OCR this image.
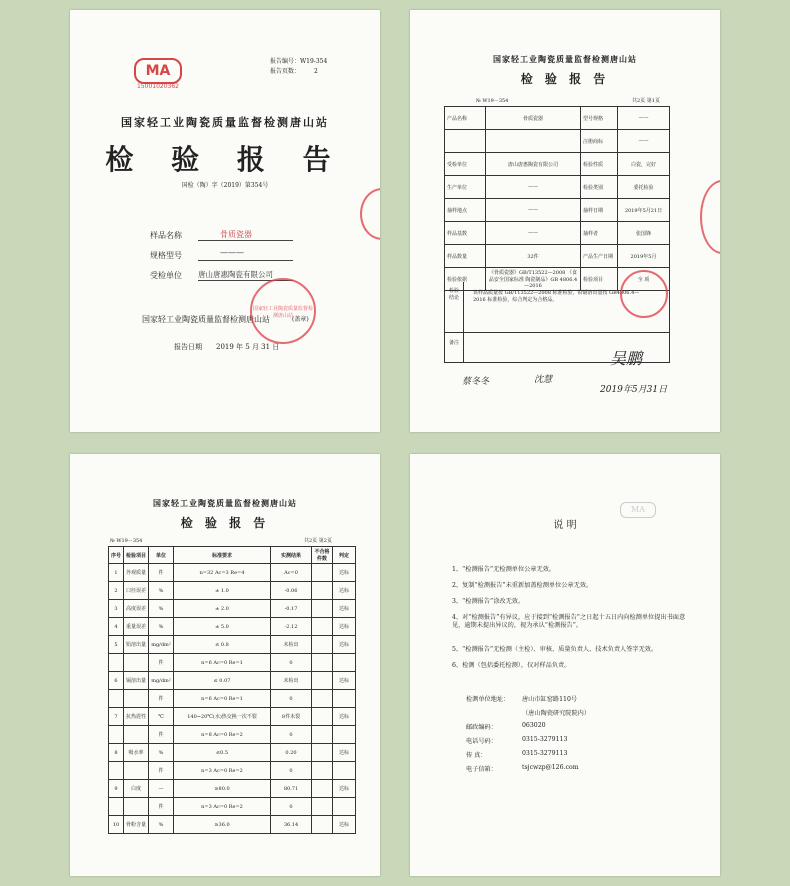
MA
15001020362
报告编号：W19-354
报告页数： 2
国家轻工业陶瓷质量监督检测唐山站
检 验 报 告
国检（陶）字（2019）第354号
样品名称	骨质瓷器
规格型号	———
受检单位 唐山唐惠陶瓷有限公司
国家轻工业陶瓷质量监督检测唐山站	(盖章)
报告日期 2019 年 5 月 31 日
国家轻工业陶瓷质量监督检测唐山站
国家轻工业陶瓷质量监督检测唐山站
检 验 报 告
№ W19－354	共2页 第1页
产品名称	骨质瓷器	型号规格	——
		注册商标	——
受检单位	唐山唐惠陶瓷有限公司	检验性质	白瓷，完好
生产单位	——	检验类别	委托检验
抽样地点	——	抽样日期	2019年5月21日
样品基数	——	抽样者	张国锋
样品数量	32件	产品生产日期	2019年5月
检验依据	《骨质瓷器》GB/T13522—2008 《食品安全国家标准 陶瓷制品》GB 4806.4—2016	检验项目	全 项
检验结论
该样品质量按 GB/T13522—2008 标准检验，铅镉溶出量按 GB4806.4—2016 标准检验，综合判定为合格品。
备注
蔡冬冬	沈慧
吴鹏
2019年5月31日
国家轻工业陶瓷质量监督检测唐山站
检 验 报 告
№ W19－354	共2页 第2页
序号	检验项目	单位	标准要求	实测结果	不合格 件数	判定
1	外观质量	件	n=32 Ac=3 Re=4	Ac=0		达标
2	口径误差	%	± 1.0	-0.06		达标
3	高度误差	%	± 2.0	-0.17		达标
4	重量误差	%	± 5.0	-2.12		达标
5	铅溶出量	mg/dm²	≤ 0.8	未检出		达标
		件	n=6 Ac=0 Re=1	0		
6	镉溶出量	mg/dm²	≤ 0.07	未检出		达标
		件	n=6 Ac=0 Re=1	0		
7	抗热震性	℃	140~20℃(水)热交换一次不裂	8件未裂		达标
		件	n=8 Ac=0 Re=2	0		
8	吸水率	%	≤0.5	0.20		达标
		件	n=3 Ac=0 Re=2	0		
9	白度	—	≥80.0	80.71		达标
		件	n=3 Ac=0 Re=2	0		
10	骨粉含量	%	≥36.0	36.14		达标
说 明
MA
1、“检测报告”无检测单位公章无效。
2、复制“检测报告”未重新加盖检测单位公章无效。
3、“检测报告”涂改无效。
4、对“检测报告”有异议，应于接到“检测报告”之日起十五日内向检测单位提出书面意见，逾期未提出异议的，视为承认“检测报告”。
5、“检测报告”无检测（主检）、审核、质量负责人、技术负责人签字无效。
6、检测（包括委托检测），仅对样品负责。
检测单位地址： 唐山市缸窑路110号
（唐山陶瓷研究院院内）
邮政编码：	063020
电话号码：	0315-3279113
传 真：	0315-3279113
电子信箱：	tsjcwzp@126.com
